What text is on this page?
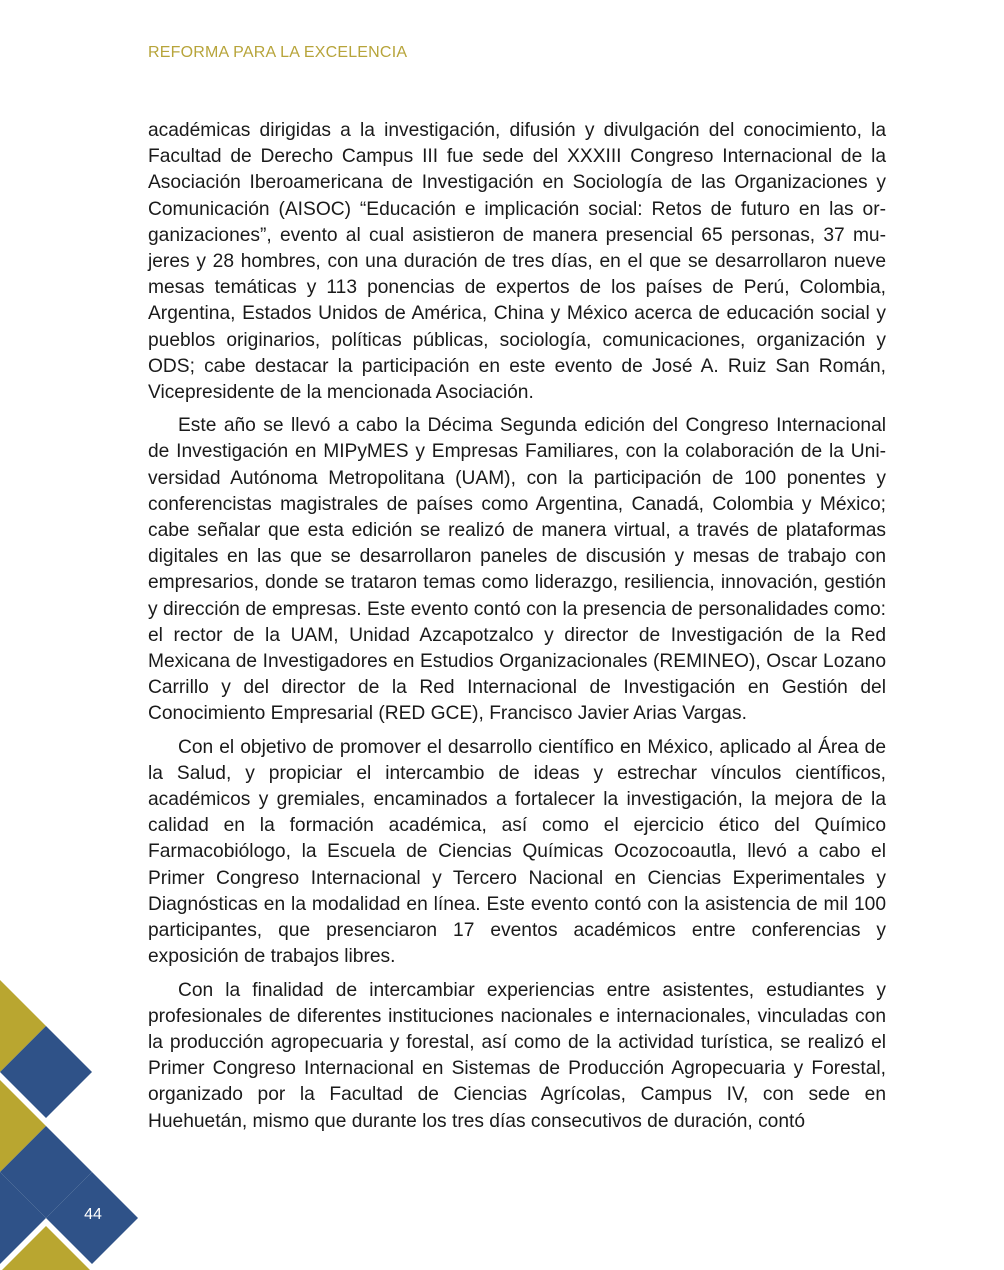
REFORMA PARA LA EXCELENCIA

académicas dirigidas a la investigación, difusión y divulgación del conocimiento, la Facultad de Derecho Campus III fue sede del XXXIII Congreso Internacional de la Asociación Iberoamericana de Investigación en Sociología de las Organizaciones y Comunicación (AISOC) “Educación e implicación social: Retos de futuro en las organizaciones”, evento al cual asistieron de manera presencial 65 personas, 37 mujeres y 28 hombres, con una duración de tres días, en el que se desarrollaron nueve mesas temáticas y 113 ponencias de expertos de los países de Perú, Colombia, Argentina, Estados Unidos de América, China y México acerca de educación social y pueblos originarios, políticas públicas, sociología, comunicaciones, organización y ODS; cabe destacar la participación en este evento de José A. Ruiz San Román, Vicepresidente de la mencionada Asociación.

Este año se llevó a cabo la Décima Segunda edición del Congreso Internacional de Investigación en MIPyMES y Empresas Familiares, con la colaboración de la Universidad Autónoma Metropolitana (UAM), con la participación de 100 ponentes y conferencistas magistrales de países como Argentina, Canadá, Colombia y México; cabe señalar que esta edición se realizó de manera virtual, a través de plataformas digitales en las que se desarrollaron paneles de discusión y mesas de trabajo con empresarios, donde se trataron temas como liderazgo, resiliencia, innovación, gestión y dirección de empresas. Este evento contó con la presencia de personalidades como: el rector de la UAM, Unidad Azcapotzalco y director de Investigación de la Red Mexicana de Investigadores en Estudios Organizacionales (REMINEO), Oscar Lozano Carrillo y del director de la Red Internacional de Investigación en Gestión del Conocimiento Empresarial (RED GCE), Francisco Javier Arias Vargas.

Con el objetivo de promover el desarrollo científico en México, aplicado al Área de la Salud, y propiciar el intercambio de ideas y estrechar vínculos científicos, académicos y gremiales, encaminados a fortalecer la investigación, la mejora de la calidad en la formación académica, así como el ejercicio ético del Químico Farmacobiólogo, la Escuela de Ciencias Químicas Ocozocoautla, llevó a cabo el Primer Congreso Internacional y Tercero Nacional en Ciencias Experimentales y Diagnósticas en la modalidad en línea. Este evento contó con la asistencia de mil 100 participantes, que presenciaron 17 eventos académicos entre conferencias y exposición de trabajos libres.

Con la finalidad de intercambiar experiencias entre asistentes, estudiantes y profesionales de diferentes instituciones nacionales e internacionales, vinculadas con la producción agropecuaria y forestal, así como de la actividad turística, se realizó el Primer Congreso Internacional en Sistemas de Producción Agropecuaria y Forestal, organizado por la Facultad de Ciencias Agrícolas, Campus IV, con sede en Huehuetán, mismo que durante los tres días consecutivos de duración, contó

44
